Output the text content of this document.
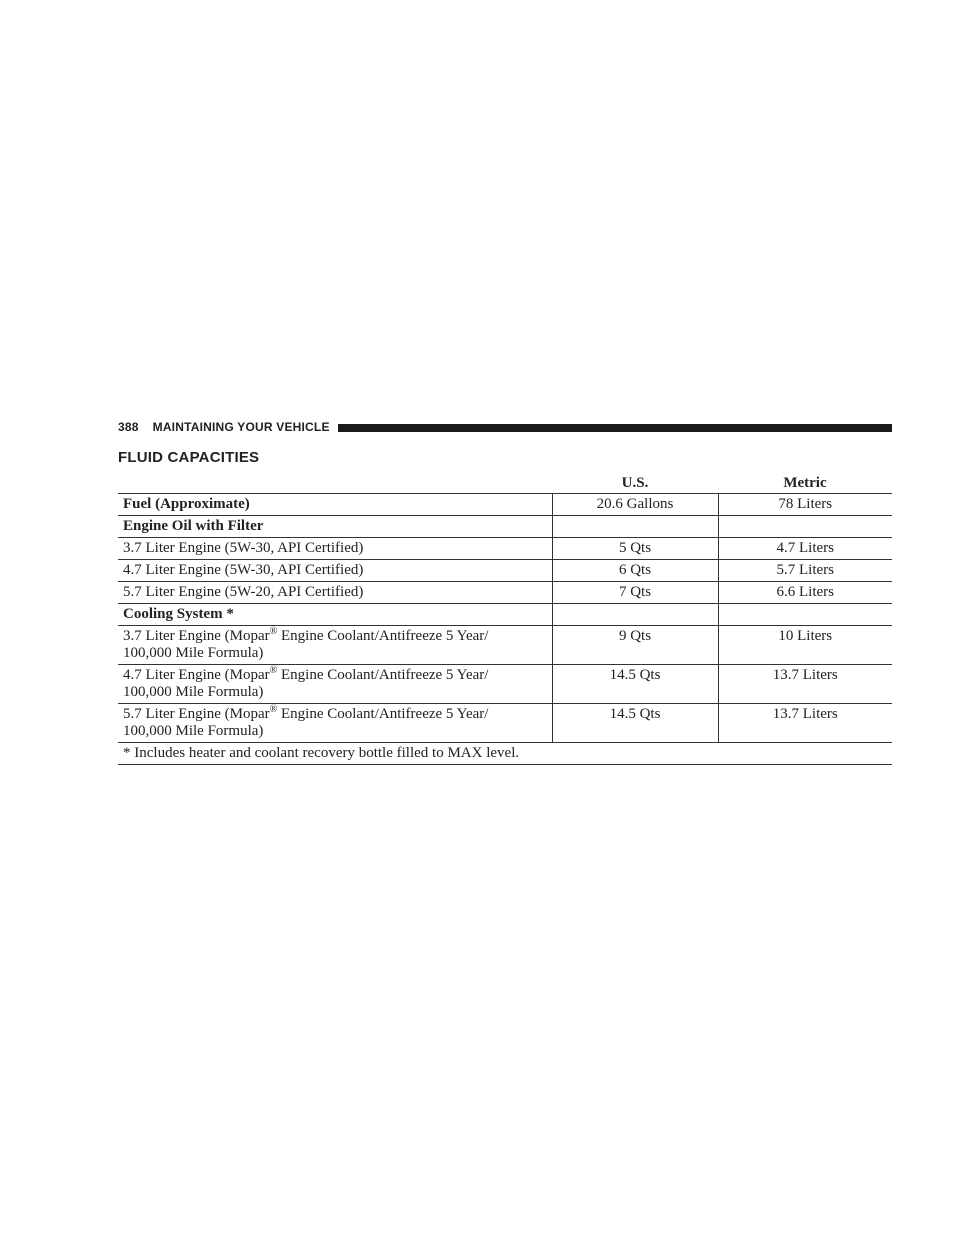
388 MAINTAINING YOUR VEHICLE
FLUID CAPACITIES
	U.S.	Metric
Fuel (Approximate)	20.6 Gallons	78 Liters
Engine Oil with Filter		
3.7 Liter Engine (5W-30, API Certified)	5 Qts	4.7 Liters
4.7 Liter Engine (5W-30, API Certified)	6 Qts	5.7 Liters
5.7 Liter Engine (5W-20, API Certified)	7 Qts	6.6 Liters
Cooling System *		
3.7 Liter Engine (Mopar® Engine Coolant/Antifreeze 5 Year/
100,000 Mile Formula)	9 Qts	10 Liters
4.7 Liter Engine (Mopar® Engine Coolant/Antifreeze 5 Year/
100,000 Mile Formula)	14.5 Qts	13.7 Liters
5.7 Liter Engine (Mopar® Engine Coolant/Antifreeze 5 Year/
100,000 Mile Formula)	14.5 Qts	13.7 Liters
* Includes heater and coolant recovery bottle filled to MAX level.		
